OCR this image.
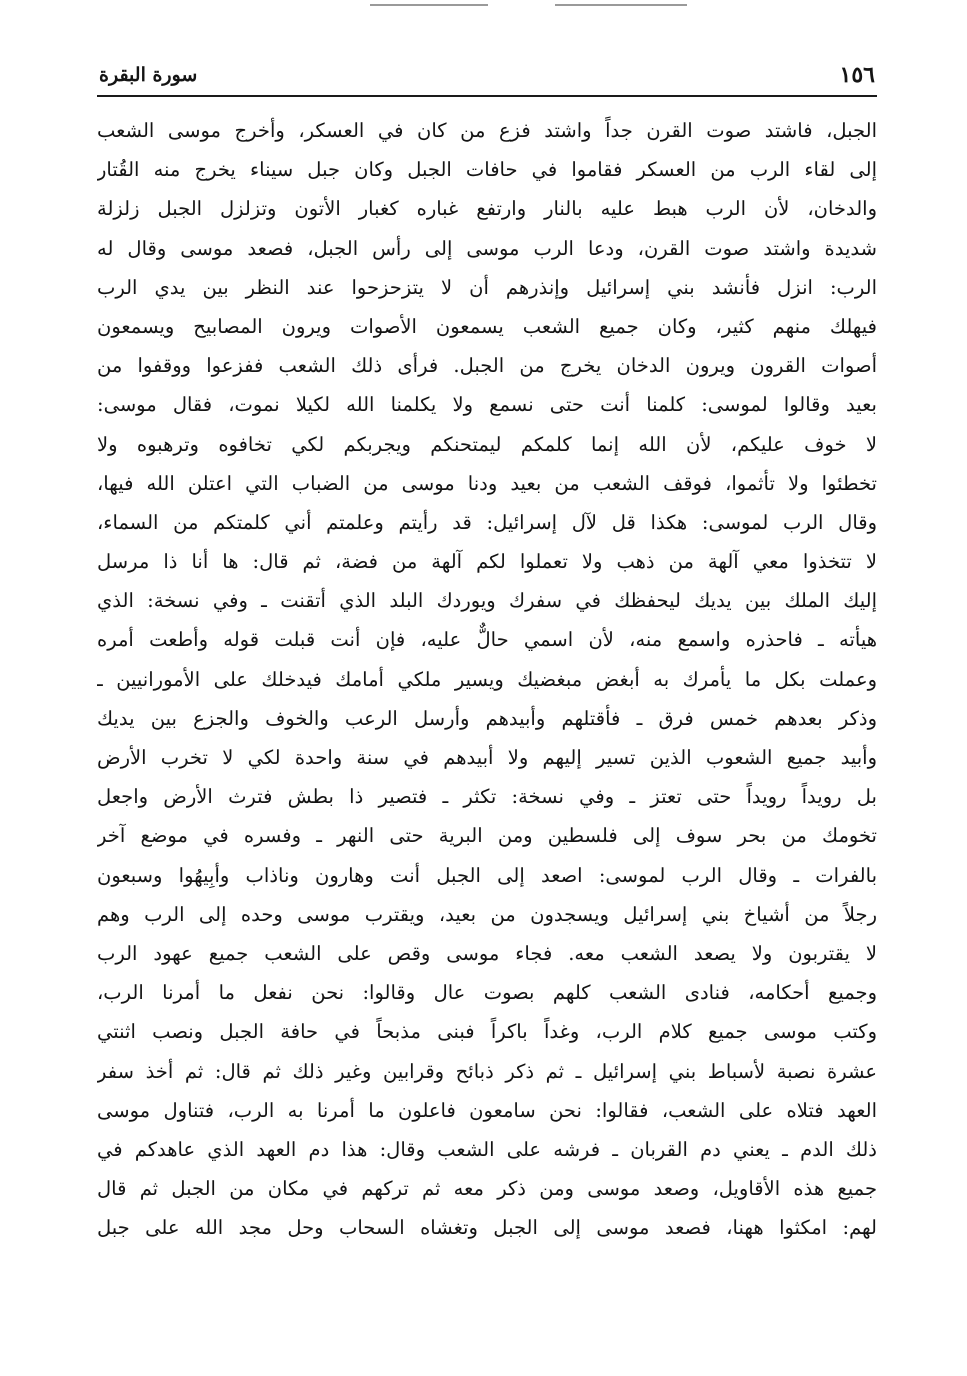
١٥٦
سورة البقرة
الجبل، فاشتد صوت القرن جداً واشتد فزع من كان في العسكر، وأخرج موسى الشعب
إلى لقاء الرب من العسكر فقاموا في حافات الجبل وكان جبل سيناء يخرج منه القُتار
والدخان، لأن الرب هبط عليه بالنار وارتفع غباره كغبار الأتون وتزلزل الجبل زلزلة
شديدة واشتد صوت القرن، ودعا الرب موسى إلى رأس الجبل، فصعد موسى وقال له
الرب: انزل فأنشد بني إسرائيل وإنذرهم أن لا يتزحزحوا عند النظر بين يدي الرب
فيهلك منهم كثير، وكان جميع الشعب يسمعون الأصوات ويرون المصابيح ويسمعون
أصوات القرون ويرون الدخان يخرج من الجبل. فرأى ذلك الشعب ففزعوا ووقفوا من
بعيد وقالوا لموسى: كلمنا أنت حتى نسمع ولا يكلمنا الله لكيلا نموت، فقال موسى:
لا خوف عليكم، لأن الله إنما كلمكم ليمتحنكم ويجربكم لكي تخافوه وترهبوه ولا
تخطئوا ولا تأثموا، فوقف الشعب من بعيد ودنا موسى من الضباب التي اعتلن الله فيها،
وقال الرب لموسى: هكذا قل لآل إسرائيل: قد رأيتم وعلمتم أني كلمتكم من السماء،
لا تتخذوا معي آلهة من ذهب ولا تعملوا لكم آلهة من فضة، ثم قال: ها أنا ذا مرسل
إليك الملك بين يديك ليحفظك في سفرك ويوردك البلد الذي أتقنت ـ وفي نسخة: الذي
هيأته ـ فاحذره واسمع منه، لأن اسمي حالٌّ عليه، فإن أنت قبلت قوله وأطعت أمره
وعملت بكل ما يأمرك به أبغض مبغضيك ويسير ملكي أمامك فيدخلك على الأمورانيين ـ
وذكر بعدهم خمس فرق ـ فأقتلهم وأبيدهم وأرسل الرعب والخوف والجزع بين يديك
وأبيد جميع الشعوب الذين تسير إليهم ولا أبيدهم في سنة واحدة لكي لا تخرب الأرض
بل رويداً رويداً حتى تعتز ـ وفي نسخة: تكثر ـ فتصير ذا بطش فترث الأرض واجعل
تخومك من بحر سوف إلى فلسطين ومن البرية حتى النهر ـ وفسره في موضع آخر
بالفرات ـ وقال الرب لموسى: اصعد إلى الجبل أنت وهارون وناذاب وأبِيهُوا وسبعون
رجلاً من أشياخ بني إسرائيل ويسجدون من بعيد، ويقترب موسى وحده إلى الرب وهم
لا يقتربون ولا يصعد الشعب معه. فجاء موسى وقص على الشعب جميع عهود الرب
وجميع أحكامه، فنادى الشعب كلهم بصوت عال وقالوا: نحن نفعل ما أمرنا الرب،
وكتب موسى جميع كلام الرب، وغداً باكراً فبنى مذبحاً في حافة الجبل ونصب اثنتي
عشرة نصبة لأسباط بني إسرائيل ـ ثم ذكر ذبائح وقرابين وغير ذلك ثم قال: ثم أخذ سفر
العهد فتلاه على الشعب، فقالوا: نحن سامعون فاعلون ما أمرنا به الرب، فتناول موسى
ذلك الدم ـ يعني دم القربان ـ فرشه على الشعب وقال: هذا دم العهد الذي عاهدكم في
جميع هذه الأقاويل، وصعد موسى ومن ذكر معه ثم تركهم في مكان من الجبل ثم قال
لهم: امكثوا ههنا، فصعد موسى إلى الجبل وتغشاه السحاب وحل مجد الله على جبل
